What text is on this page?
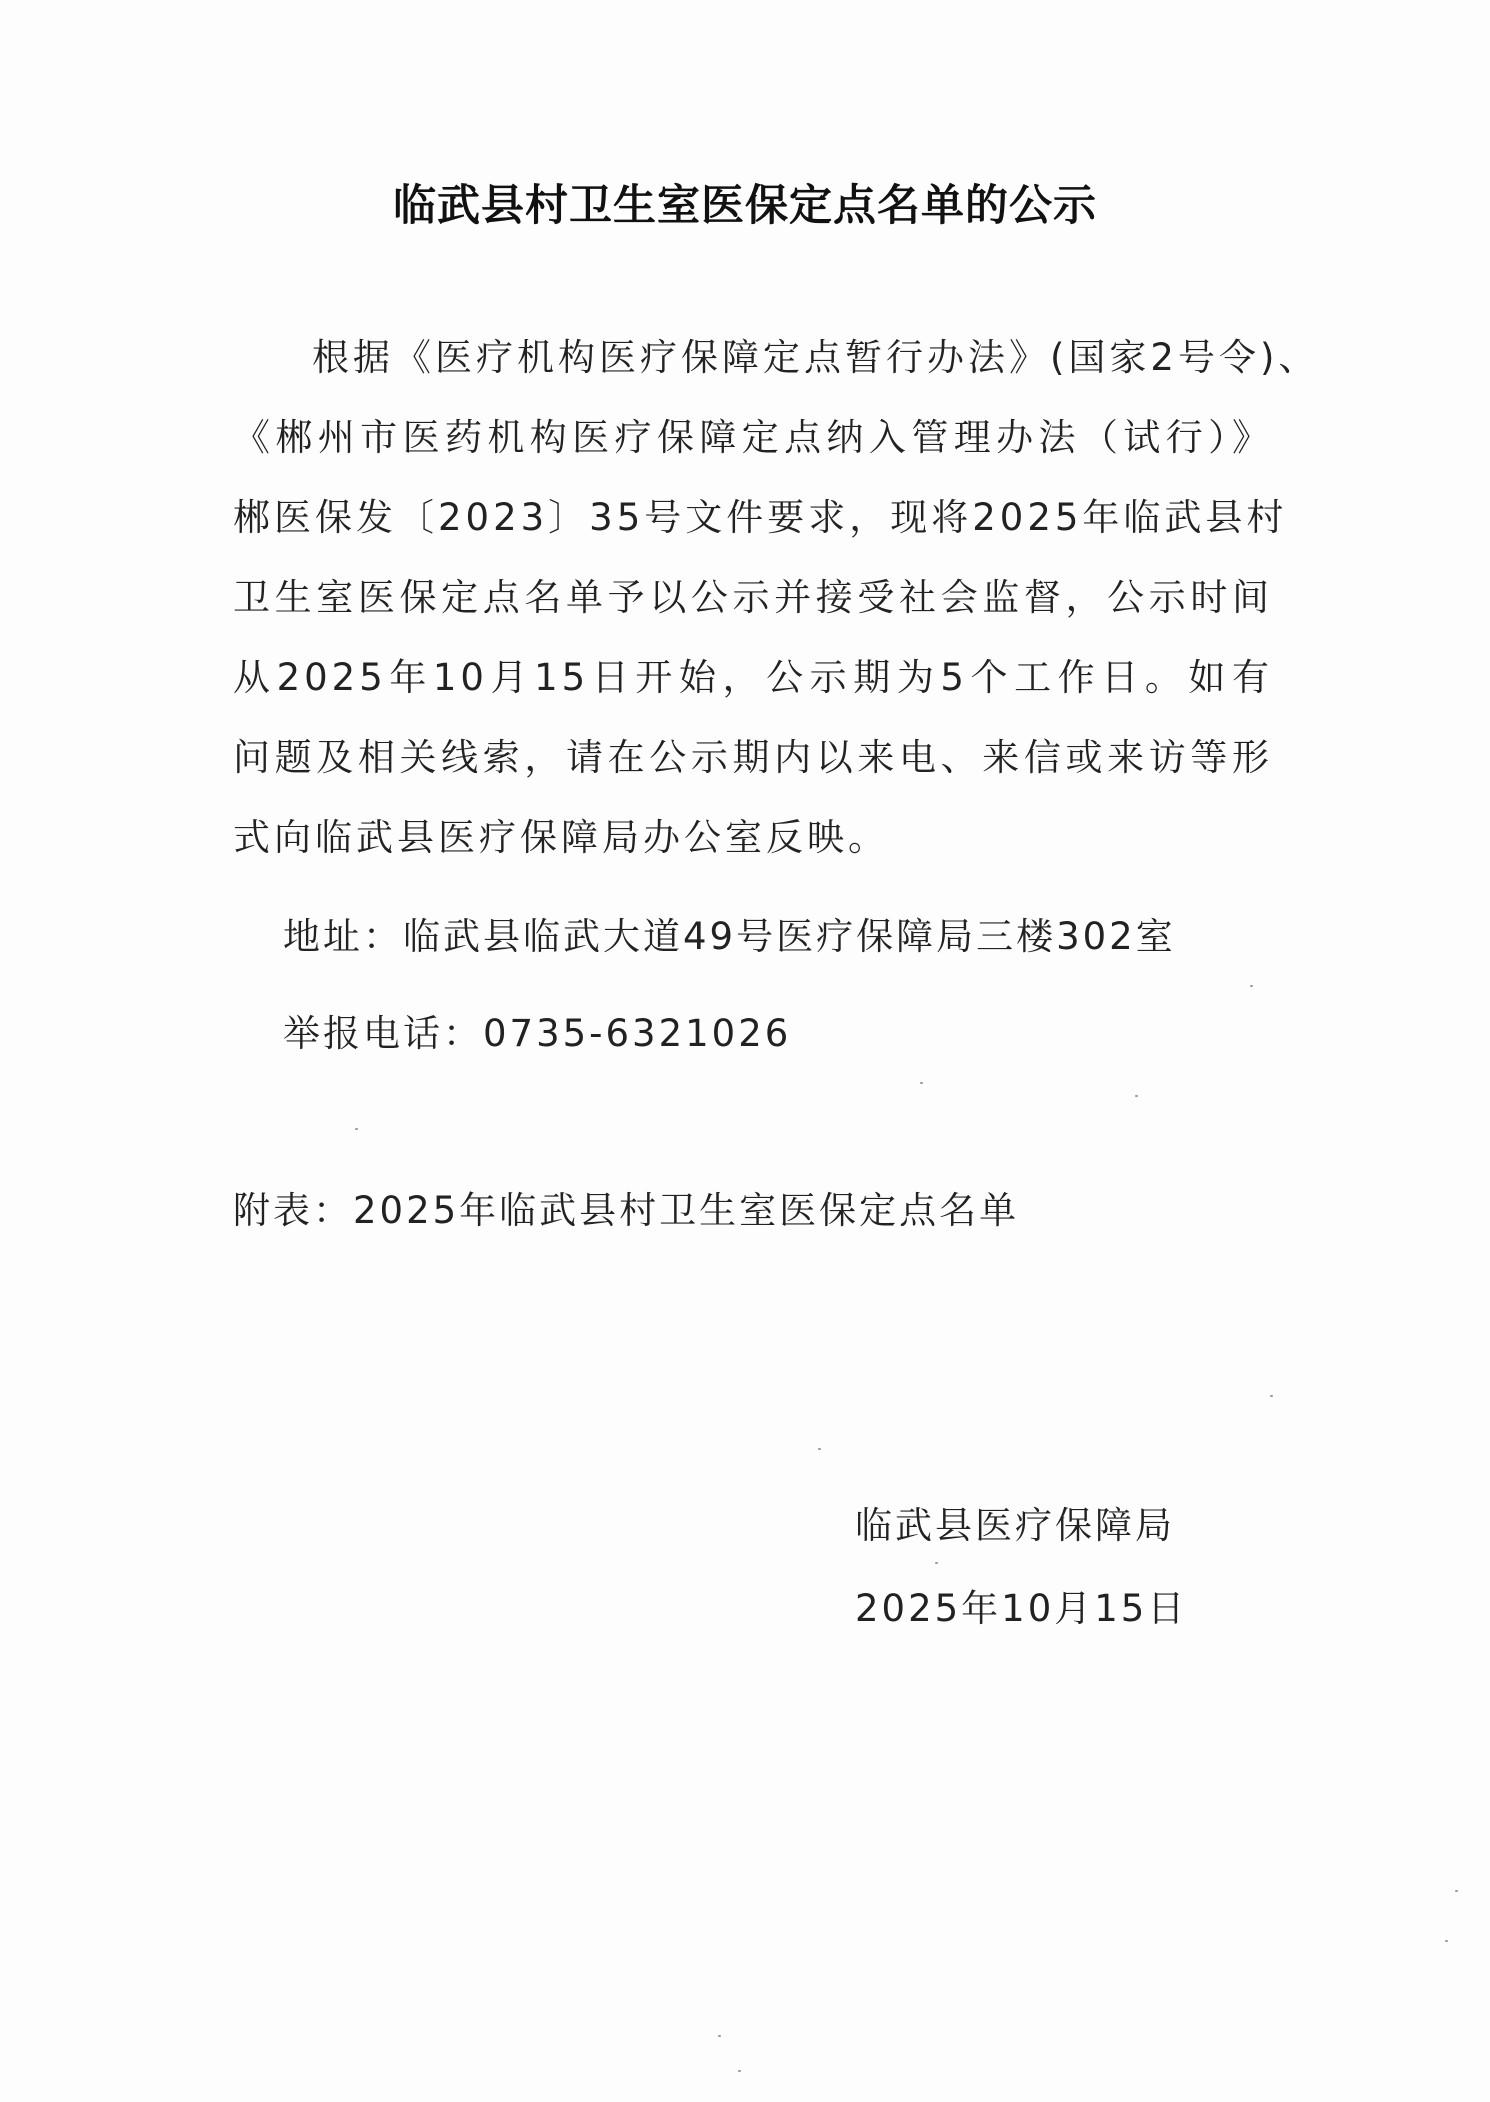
临武县村卫生室医保定点名单的公示
根据《医疗机构医疗保障定点暂行办法》(国家2号令)、
《郴州市医药机构医疗保障定点纳入管理办法（试行）》
郴医保发〔2023〕35号文件要求，现将2025年临武县村
卫生室医保定点名单予以公示并接受社会监督，公示时间
从2025年10月15日开始，公示期为5个工作日。如有
问题及相关线索，请在公示期内以来电、来信或来访等形
式向临武县医疗保障局办公室反映。
地址：临武县临武大道49号医疗保障局三楼302室
举报电话：0735-6321026
附表：2025年临武县村卫生室医保定点名单
临武县医疗保障局
2025年10月15日
